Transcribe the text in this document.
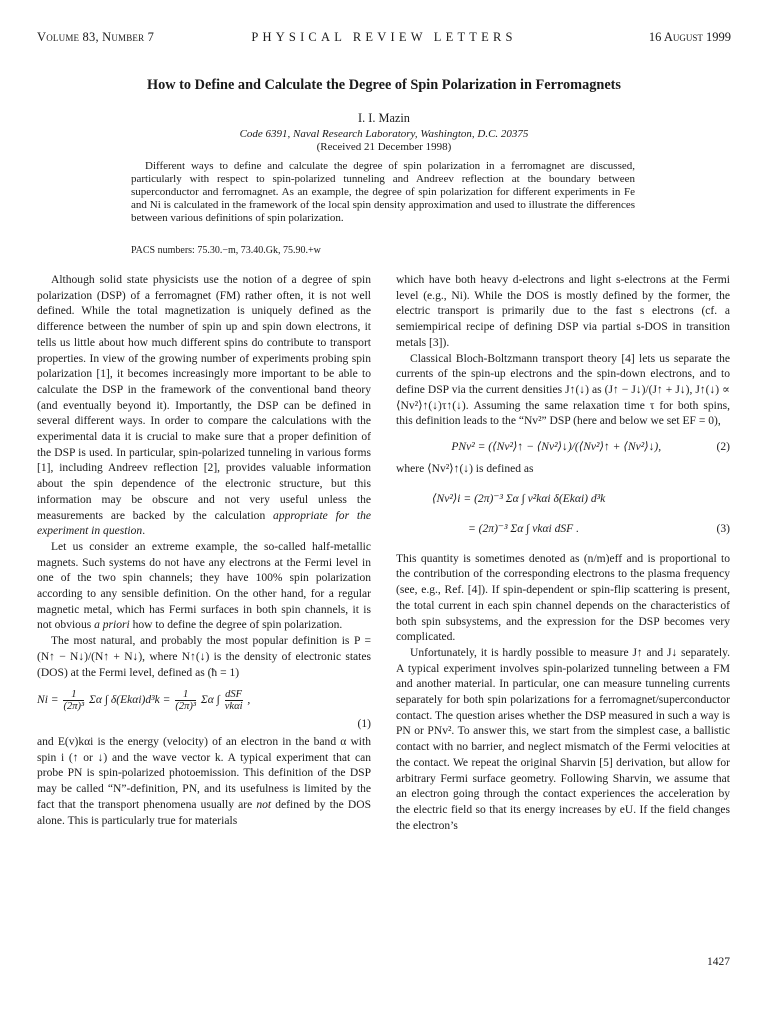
Volume 83, Number 7	PHYSICAL REVIEW LETTERS	16 August 1999
How to Define and Calculate the Degree of Spin Polarization in Ferromagnets
I. I. Mazin
Code 6391, Naval Research Laboratory, Washington, D.C. 20375
(Received 21 December 1998)
Different ways to define and calculate the degree of spin polarization in a ferromagnet are discussed, particularly with respect to spin-polarized tunneling and Andreev reflection at the boundary between superconductor and ferromagnet. As an example, the degree of spin polarization for different experiments in Fe and Ni is calculated in the framework of the local spin density approximation and used to illustrate the differences between various definitions of spin polarization.
PACS numbers: 75.30.−m, 73.40.Gk, 75.90.+w

Although solid state physicists use the notion of a degree of spin polarization (DSP) of a ferromagnet (FM) rather often, it is not well defined. While the total magnetization is uniquely defined as the difference between the number of spin up and spin down electrons, it tells us little about how much different spins do contribute to transport properties. In view of the growing number of experiments probing spin polarization [1], it becomes increasingly more important to be able to calculate the DSP in the framework of the conventional band theory (and eventually beyond it). Importantly, the DSP can be defined in several different ways. In order to compare the calculations with the experimental data it is crucial to make sure that a proper definition of the DSP is used. In particular, spin-polarized tunneling in various forms [1], including Andreev reflection [2], provides valuable information about the spin dependence of the electronic structure, but this information may be obscure and not very useful unless the measurements are backed by the calculation appropriate for the experiment in question.

Let us consider an extreme example, the so-called half-metallic magnets. Such systems do not have any electrons at the Fermi level in one of the two spin channels; they have 100% spin polarization according to any sensible definition. On the other hand, for a regular magnetic metal, which has Fermi surfaces in both spin channels, it is not obvious a priori how to define the degree of spin polarization.

The most natural, and probably the most popular definition is P = (N↑ − N↓)/(N↑ + N↓), where N↑(↓) is the density of electronic states (DOS) at the Fermi level, defined as (ħ = 1)

$Ni = \frac{1}{\text{(2π)³}}$ Σα ∫ $\delta(Ek\alpha i)d^3k = \frac{1}{\text{(2π)³}}$ Σα ∫ $\frac{\text{dSF}}{\text{vkαi}}$ ,
(1)

and E(v)kαi is the energy (velocity) of an electron in the band α with spin i (↑ or ↓) and the wave vector k. A typical experiment that can probe PN is spin-polarized photoemission. This definition of the DSP may be called “N”-definition, PN, and its usefulness is limited by the fact that the transport phenomena usually are not defined by the DOS alone. This is particularly true for materials

which have both heavy d-electrons and light s-electrons at the Fermi level (e.g., Ni). While the DOS is mostly defined by the former, the electric transport is primarily due to the fast s electrons (cf. a semiempirical recipe of defining DSP via partial s-DOS in transition metals [3]).

Classical Bloch-Boltzmann transport theory [4] lets us separate the currents of the spin-up electrons and the spin-down electrons, and to define DSP via the current densities J↑(↓) as (J↑ − J↓)/(J↑ + J↓), J↑(↓) ∝ ⟨Nv²⟩↑(↓)τ↑(↓). Assuming the same relaxation time τ for both spins, this definition leads to the “Nv²” DSP (here and below we set EF = 0),

PNv² = (⟨Nv²⟩↑ − ⟨Nv²⟩↓)/(⟨Nv²⟩↑ + ⟨Nv²⟩↓),	(2)

where ⟨Nv²⟩↑(↓) is defined as

⟨Nv²⟩i = (2π)⁻³ Σα ∫ v²kαi δ(Ekαi) d³k
= (2π)⁻³ Σα ∫ vkαi dSF .	(3)

This quantity is sometimes denoted as (n/m)eff and is proportional to the contribution of the corresponding electrons to the plasma frequency (see, e.g., Ref. [4]). If spin-dependent or spin-flip scattering is present, the total current in each spin channel depends on the characteristics of both spin subsystems, and the expression for the DSP becomes very complicated.

Unfortunately, it is hardly possible to measure J↑ and J↓ separately. A typical experiment involves spin-polarized tunneling between a FM and another material. In particular, one can measure tunneling currents separately for both spin polarizations for a ferromagnet/superconductor contact. The question arises whether the DSP measured in such a way is PN or PNv². To answer this, we start from the simplest case, a ballistic contact with no barrier, and neglect mismatch of the Fermi velocities at the contact. We repeat the original Sharvin [5] derivation, but allow for arbitrary Fermi surface geometry. Following Sharvin, we assume that an electron going through the contact experiences the acceleration by the electric field so that its energy increases by eU. If the field changes the electron’s

1427
